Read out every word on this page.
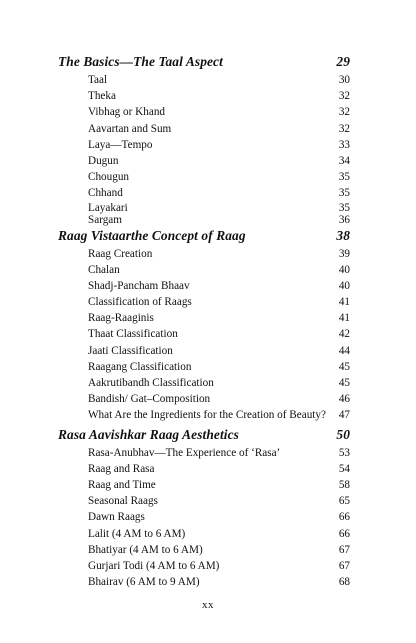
The Basics—The Taal Aspect	29
Taal	30
Theka	32
Vibhag or Khand	32
Aavartan and Sum	32
Laya—Tempo	33
Dugun	34
Chougun	35
Chhand	35
Layakari	35
Sargam	36
Raag Vistaarthe Concept of Raag	38
Raag Creation	39
Chalan	40
Shadj-Pancham Bhaav	40
Classification of Raags	41
Raag-Raaginis	41
Thaat Classification	42
Jaati Classification	44
Raagang Classification	45
Aakrutibandh Classification	45
Bandish/ Gat–Composition	46
What Are the Ingredients for the Creation of Beauty? 47
Rasa Aavishkar Raag Aesthetics	50
Rasa-Anubhav—The Experience of ‘Rasa’	53
Raag and Rasa	54
Raag and Time	58
Seasonal Raags	65
Dawn Raags	66
Lalit (4 AM to 6 AM)	66
Bhatiyar (4 AM to 6 AM)	67
Gurjari Todi (4 AM to 6 AM)	67
Bhairav (6 AM to 9 AM)	68
xx
